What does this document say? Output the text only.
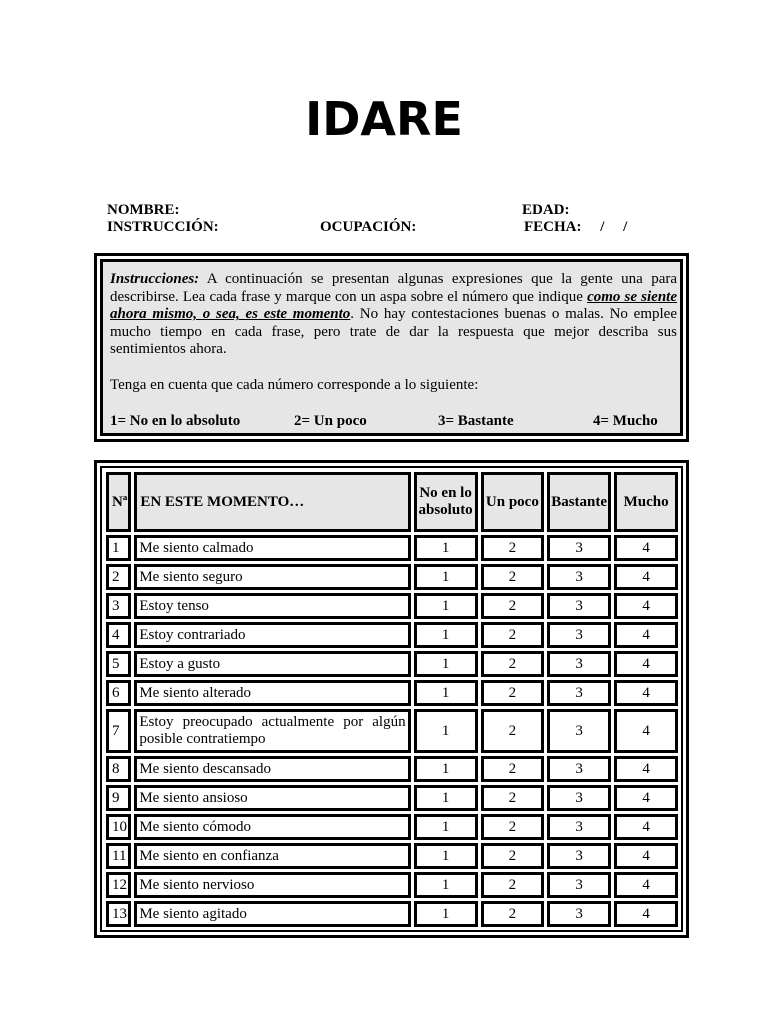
IDARE
NOMBRE:	EDAD:
INSTRUCCIÓN:	OCUPACIÓN:	FECHA:     /     /

Instrucciones: A continuación se presentan algunas expresiones que la gente una para describirse. Lea cada frase y marque con un aspa sobre el número que indique como se siente ahora mismo, o sea, es este momento. No hay contestaciones buenas o malas. No emplee mucho tiempo en cada frase, pero trate de dar la respuesta que mejor describa sus sentimientos ahora.

Tenga en cuenta que cada número corresponde a lo siguiente:

1= No en lo absoluto	2= Un poco	3= Bastante	4= Mucho
Nª	EN ESTE MOMENTO…	No en lo absoluto	Un poco	Bastante	Mucho
1	Me siento calmado	1	2	3	4
2	Me siento seguro	1	2	3	4
3	Estoy tenso	1	2	3	4
4	Estoy contrariado	1	2	3	4
5	Estoy a gusto	1	2	3	4
6	Me siento alterado	1	2	3	4
7	Estoy preocupado actualmente por algún posible contratiempo	1	2	3	4
8	Me siento descansado	1	2	3	4
9	Me siento ansioso	1	2	3	4
10	Me siento cómodo	1	2	3	4
11	Me siento en confianza	1	2	3	4
12	Me siento nervioso	1	2	3	4
13	Me siento agitado	1	2	3	4
